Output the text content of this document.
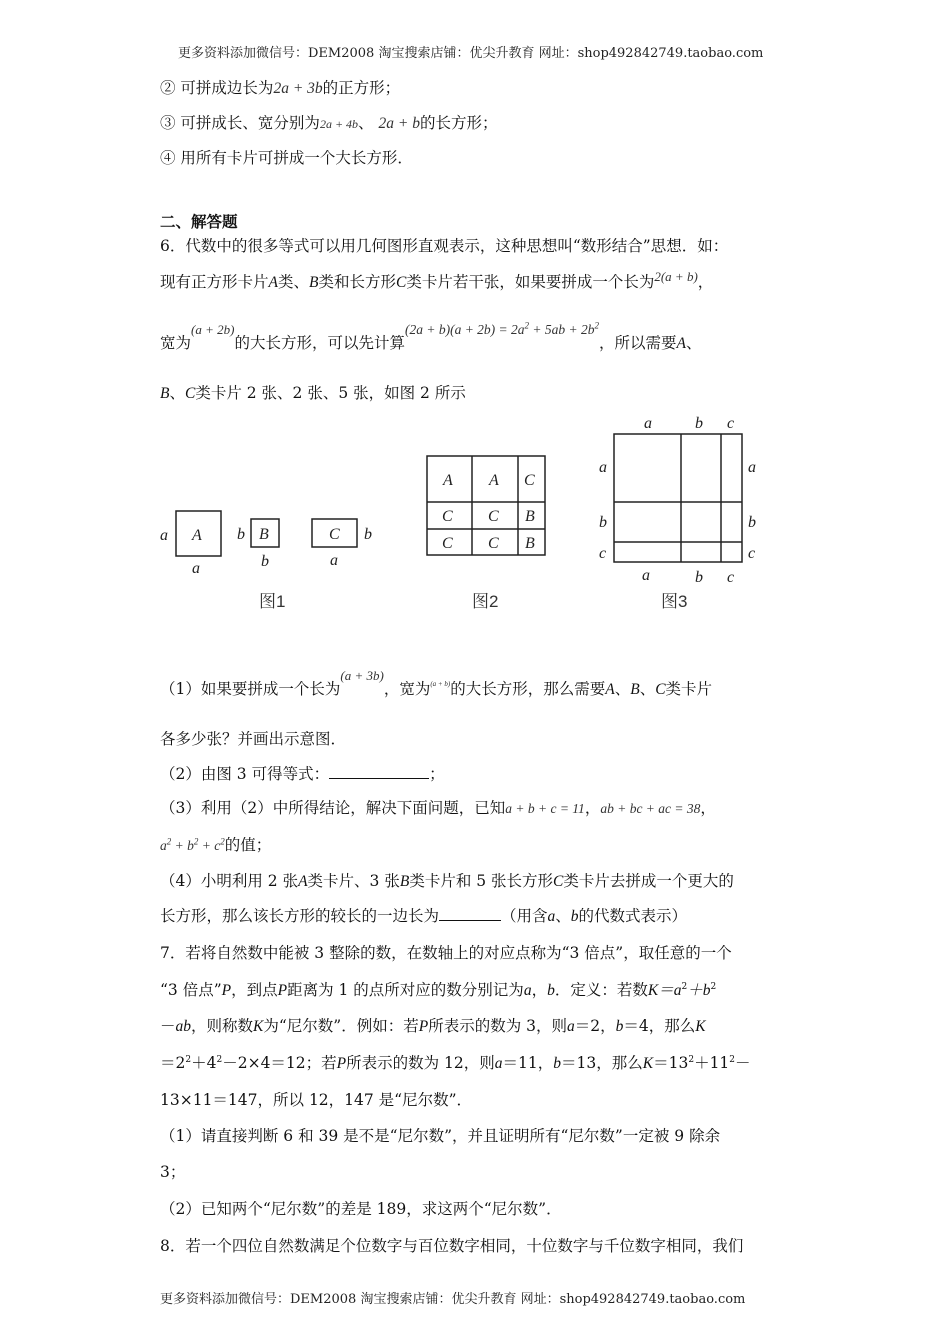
更多资料添加微信号：DEM2008 淘宝搜索店铺：优尖升教育 网址：shop492842749.taobao.com
② 可拼成边长为2a + 3b的正方形；
③ 可拼成长、宽分别为2a + 4b、 2a + b的长方形；
④ 用所有卡片可拼成一个大长方形．
二、解答题
6．代数中的很多等式可以用几何图形直观表示，这种思想叫“数形结合”思想．如：
现有正方形卡片A类、B类和长方形C类卡片若干张，如果要拼成一个长为$^{2(a + b)}$，
宽为$^{(a + 2b)}$的大长方形，可以先计算$(2a + b)(a + 2b) = 2a^2 + 5ab + 2b^2$，所以需要A、
B、C类卡片 2 张、2 张、5 张，如图 2 所示
A
a
a
B
b
b
C b
a
A A C
C C B
C C B
a	b c
a	b c
a
b
c
a
b
c
图1	图2	图3
（1）如果要拼成一个长为$^{(a + 3b)}$，宽为$^{(a + b)}$的大长方形，那么需要A、B、C类卡片
各多少张？并画出示意图．
（2）由图 3 可得等式：	；
（3）利用（2）中所得结论，解决下面问题，已知a + b + c = 11，ab + bc + ac = 38，
$a^2 + b^2 + c^2$的值；
（4）小明利用 2 张A类卡片、3 张B类卡片和 5 张长方形C类卡片去拼成一个更大的
长方形，那么该长方形的较长的一边长为	（用含a、b的代数式表示）
7．若将自然数中能被 3 整除的数，在数轴上的对应点称为“3 倍点”，取任意的一个
“3 倍点”P，到点P距离为 1 的点所对应的数分别记为a，b．定义：若数$K=a^2+b^2$
－ab，则称数K为“尼尔数”．例如：若P所表示的数为 3，则a＝2，b＝4，那么K
$=2^2+4^2-2\times 4=12$；若P所表示的数为 12，则a＝11，b＝13，那么$K=13^2+11^2-$
13×11＝147，所以 12，147 是“尼尔数”．
（1）请直接判断 6 和 39 是不是“尼尔数”，并且证明所有“尼尔数”一定被 9 除余
3；
（2）已知两个“尼尔数”的差是 189，求这两个“尼尔数”．
8．若一个四位自然数满足个位数字与百位数字相同，十位数字与千位数字相同，我们
更多资料添加微信号：DEM2008 淘宝搜索店铺：优尖升教育 网址：shop492842749.taobao.com
